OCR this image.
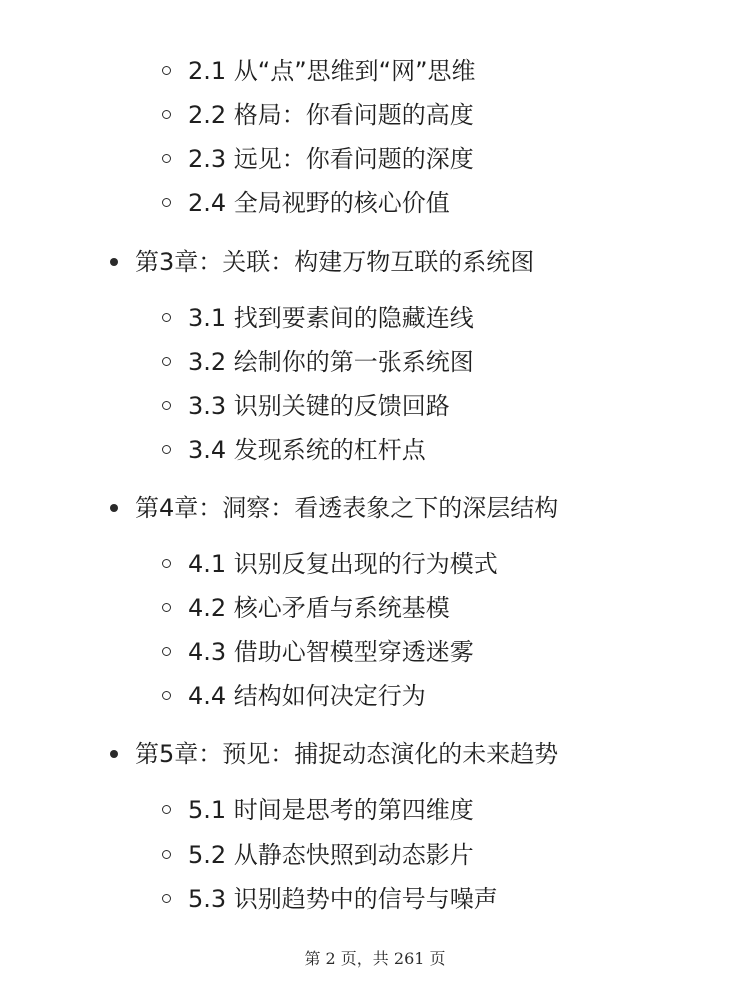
2.1 从“点”思维到“网”思维
2.2 格局：你看问题的高度
2.3 远见：你看问题的深度
2.4 全局视野的核心价值
第3章：关联：构建万物互联的系统图
3.1 找到要素间的隐藏连线
3.2 绘制你的第一张系统图
3.3 识别关键的反馈回路
3.4 发现系统的杠杆点
第4章：洞察：看透表象之下的深层结构
4.1 识别反复出现的行为模式
4.2 核心矛盾与系统基模
4.3 借助心智模型穿透迷雾
4.4 结构如何决定行为
第5章：预见：捕捉动态演化的未来趋势
5.1 时间是思考的第四维度
5.2 从静态快照到动态影片
5.3 识别趋势中的信号与噪声
第 2 页，共 261 页
